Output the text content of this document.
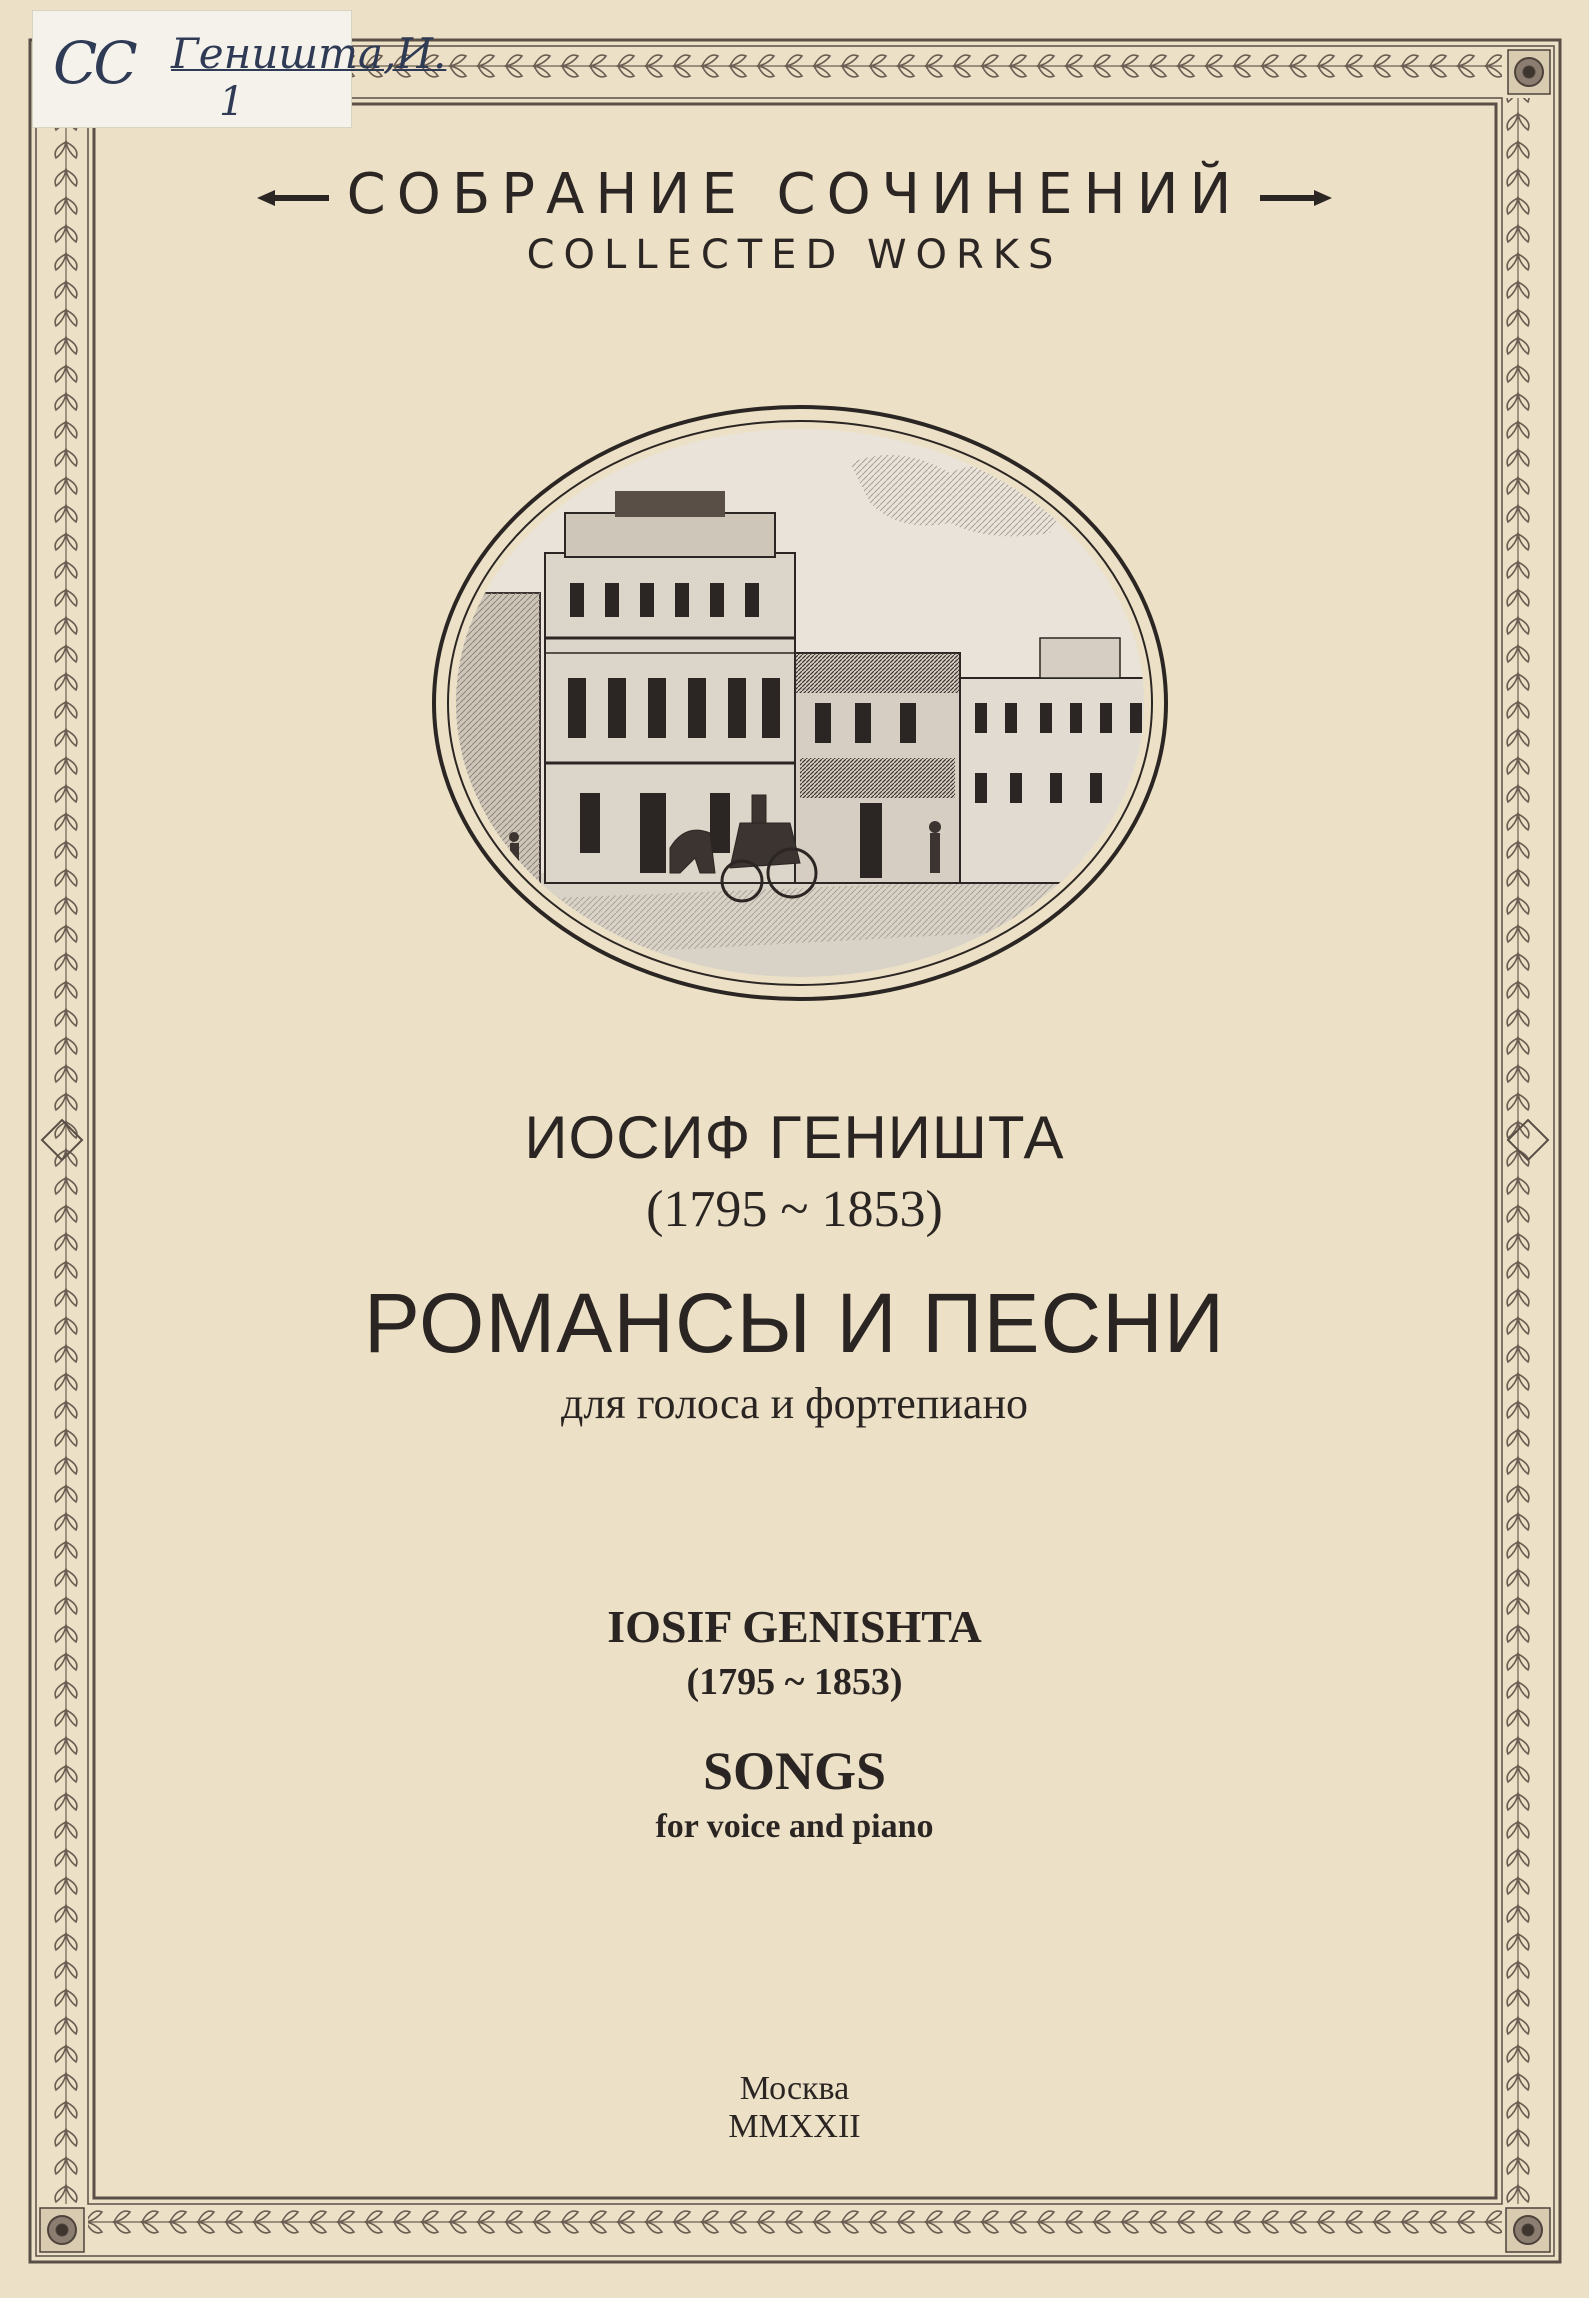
СС Геништа,И.
1
СОБРАНИЕ СОЧИНЕНИЙ
COLLECTED WORKS
ИОСИФ ГЕНИШТА
(1795 ~ 1853)
РОМАНСЫ И ПЕСНИ
для голоса и фортепиано
IOSIF GENISHTA
(1795 ~ 1853)
SONGS
for voice and piano
Москва
MMXXII
